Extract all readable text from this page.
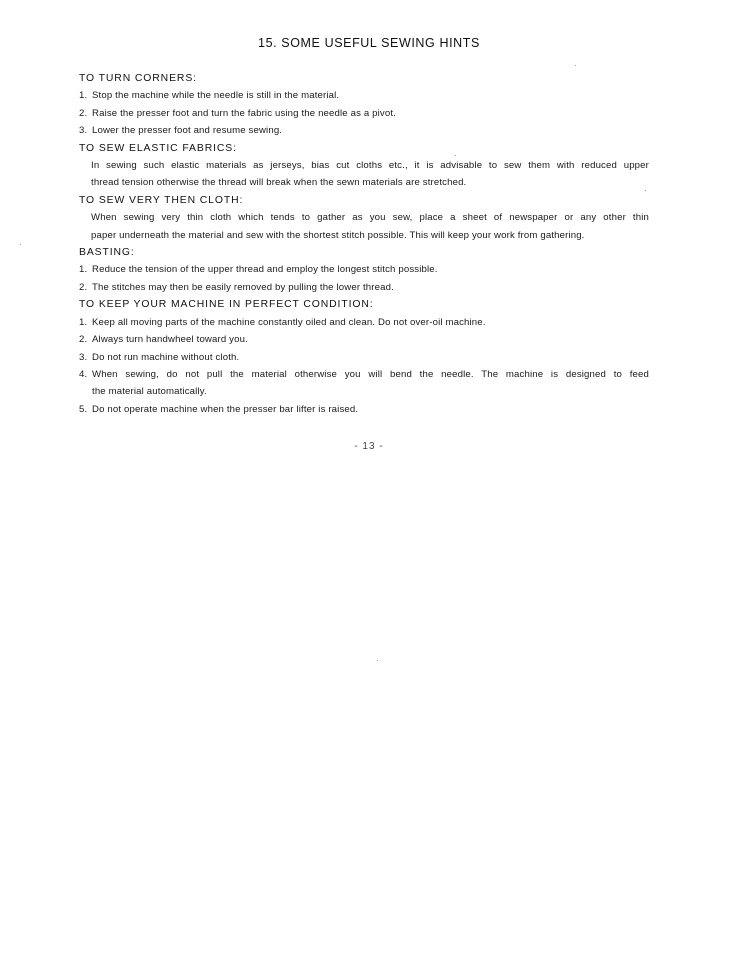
15. SOME USEFUL SEWING HINTS
TO TURN CORNERS:
1. Stop the machine while the needle is still in the material.
2. Raise the presser foot and turn the fabric using the needle as a pivot.
3. Lower the presser foot and resume sewing.
TO SEW ELASTIC FABRICS:
In sewing such elastic materials as jerseys, bias cut cloths etc., it is advisable to sew them with reduced upper
thread tension otherwise the thread will break when the sewn materials are stretched.
TO SEW VERY THEN CLOTH:
When sewing very thin cloth which tends to gather as you sew, place a sheet of newspaper or any other thin
paper underneath the material and sew with the shortest stitch possible. This will keep your work from gathering.
BASTING:
1. Reduce the tension of the upper thread and employ the longest stitch possible.
2. The stitches may then be easily removed by pulling the lower thread.
TO KEEP YOUR MACHINE IN PERFECT CONDITION:
1. Keep all moving parts of the machine constantly oiled and clean. Do not over-oil machine.
2. Always turn handwheel toward you.
3. Do not run machine without cloth.
4. When sewing, do not pull the material otherwise you will bend the needle. The machine is designed to feed
the material automatically.
5. Do not operate machine when the presser bar lifter is raised.
- 13 -
